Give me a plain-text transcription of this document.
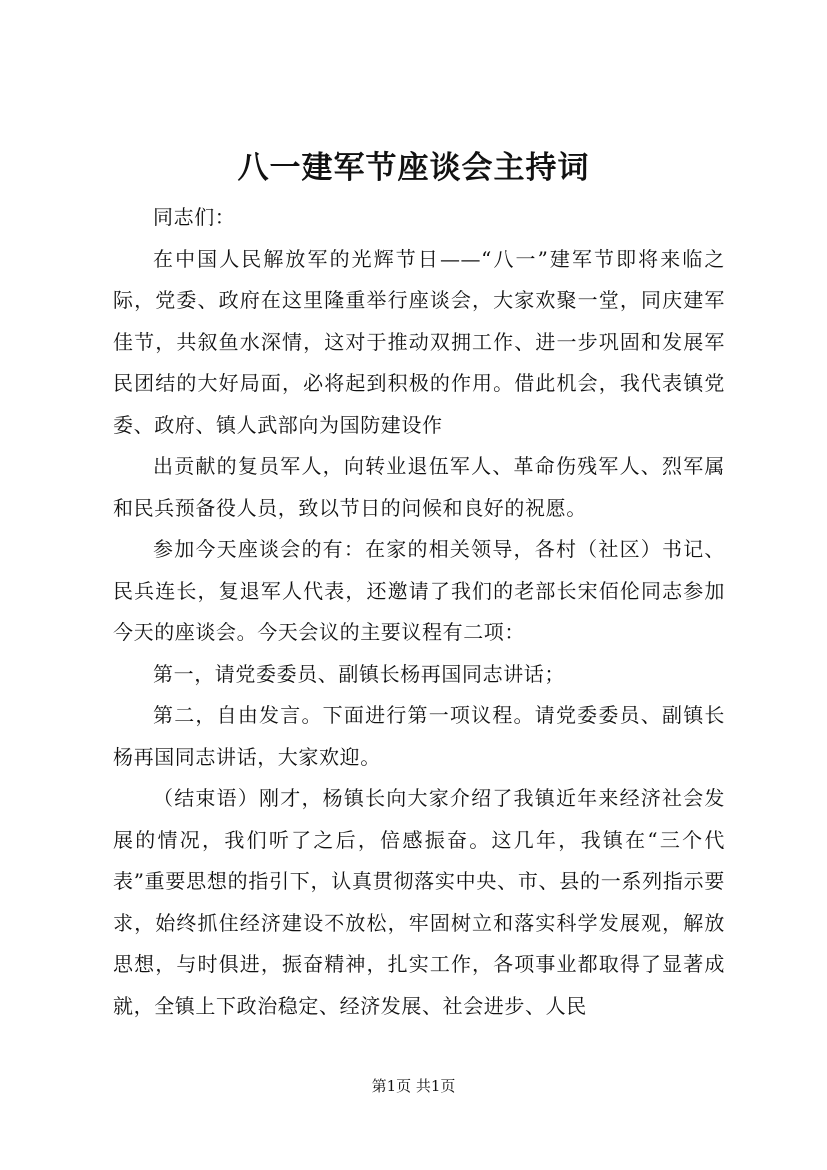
八一建军节座谈会主持词

同志们：

在中国人民解放军的光辉节日——“八一”建军节即将来临之际，党委、政府在这里隆重举行座谈会，大家欢聚一堂，同庆建军佳节，共叙鱼水深情，这对于推动双拥工作、进一步巩固和发展军民团结的大好局面，必将起到积极的作用。借此机会，我代表镇党委、政府、镇人武部向为国防建设作

出贡献的复员军人，向转业退伍军人、革命伤残军人、烈军属和民兵预备役人员，致以节日的问候和良好的祝愿。

参加今天座谈会的有：在家的相关领导，各村（社区）书记、民兵连长，复退军人代表，还邀请了我们的老部长宋佰伦同志参加今天的座谈会。今天会议的主要议程有二项：

第一，请党委委员、副镇长杨再国同志讲话；

第二，自由发言。下面进行第一项议程。请党委委员、副镇长杨再国同志讲话，大家欢迎。

（结束语）刚才，杨镇长向大家介绍了我镇近年来经济社会发展的情况，我们听了之后，倍感振奋。这几年，我镇在“三个代表”重要思想的指引下，认真贯彻落实中央、市、县的一系列指示要求，始终抓住经济建设不放松，牢固树立和落实科学发展观，解放思想，与时俱进，振奋精神，扎实工作，各项事业都取得了显著成就，全镇上下政治稳定、经济发展、社会进步、人民

第1页 共1页
